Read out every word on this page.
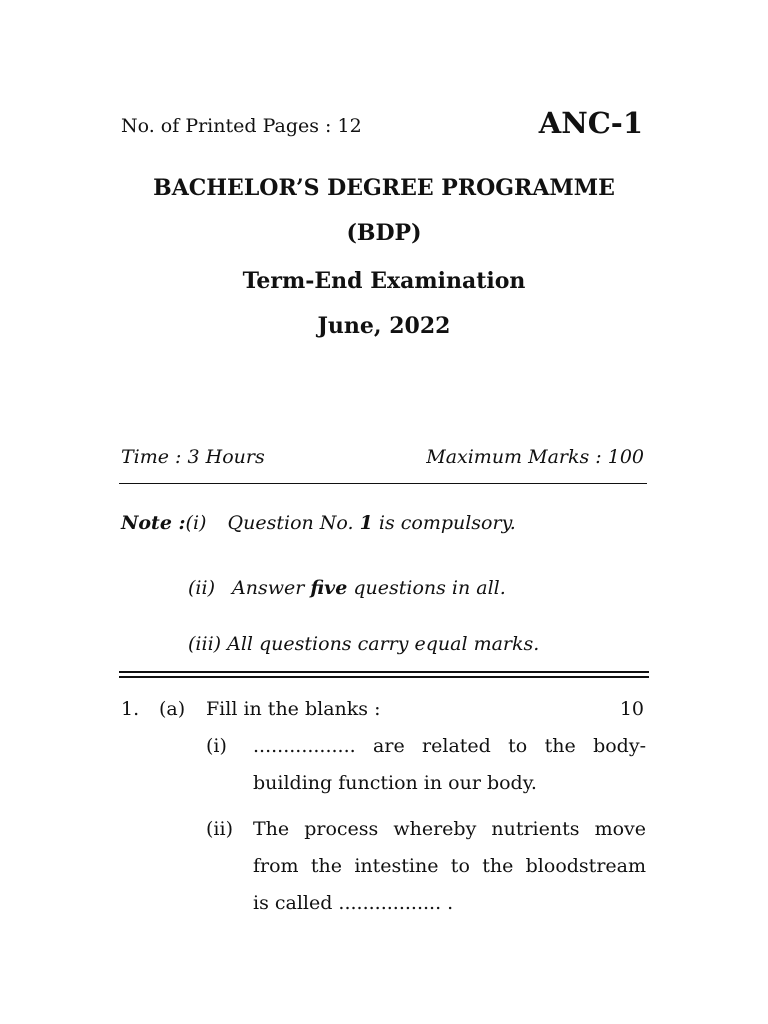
No. of Printed Pages : 12	ANC-1
BACHELOR’S DEGREE PROGRAMME
(BDP)
Term-End Examination
June, 2022
Time : 3 Hours	Maximum Marks : 100
Note :(i) Question No. 1 is compulsory.
(ii) Answer five questions in all.
(iii) All questions carry equal marks.
1. (a) Fill in the blanks :	10
(i) ................. are related to the body-
building function in our body.
(ii) The process whereby nutrients move
from the intestine to the bloodstream
is called ................. .
